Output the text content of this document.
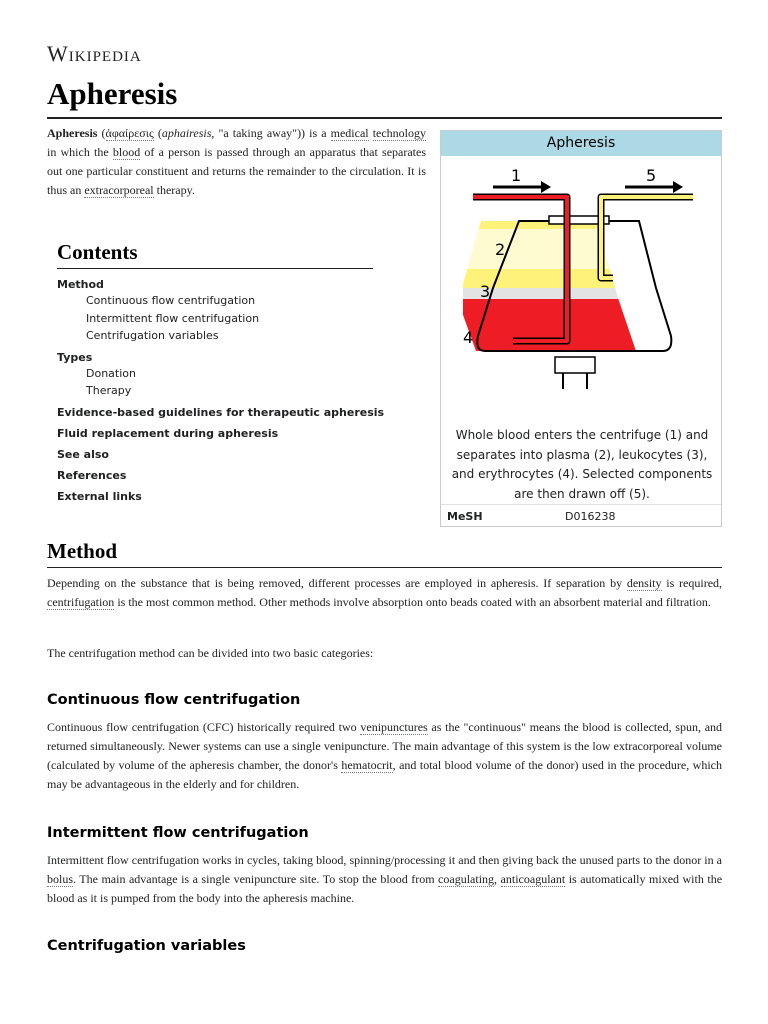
Wikipedia
Apheresis

Apheresis (ἀφαίρεσις (aphairesis, "a taking away")) is a medical technology in which the blood of a person is passed through an apparatus that separates out one particular constituent and returns the remainder to the circulation. It is thus an extracorporeal therapy.

Apheresis
1	5
2
3
4
Whole blood enters the centrifuge (1) and separates into plasma (2), leukocytes (3), and erythrocytes (4). Selected components are then drawn off (5).
MeSH	D016238
Contents
Method
Continuous flow centrifugation
Intermittent flow centrifugation
Centrifugation variables
Types
Donation
Therapy
Evidence-based guidelines for therapeutic apheresis
Fluid replacement during apheresis
See also
References
External links
Method

Depending on the substance that is being removed, different processes are employed in apheresis. If separation by density is required, centrifugation is the most common method. Other methods involve absorption onto beads coated with an absorbent material and filtration.

The centrifugation method can be divided into two basic categories:

Continuous flow centrifugation

Continuous flow centrifugation (CFC) historically required two venipunctures as the "continuous" means the blood is collected, spun, and returned simultaneously. Newer systems can use a single venipuncture. The main advantage of this system is the low extracorporeal volume (calculated by volume of the apheresis chamber, the donor's hematocrit, and total blood volume of the donor) used in the procedure, which may be advantageous in the elderly and for children.

Intermittent flow centrifugation

Intermittent flow centrifugation works in cycles, taking blood, spinning/processing it and then giving back the unused parts to the donor in a bolus. The main advantage is a single venipuncture site. To stop the blood from coagulating, anticoagulant is automatically mixed with the blood as it is pumped from the body into the apheresis machine.

Centrifugation variables
